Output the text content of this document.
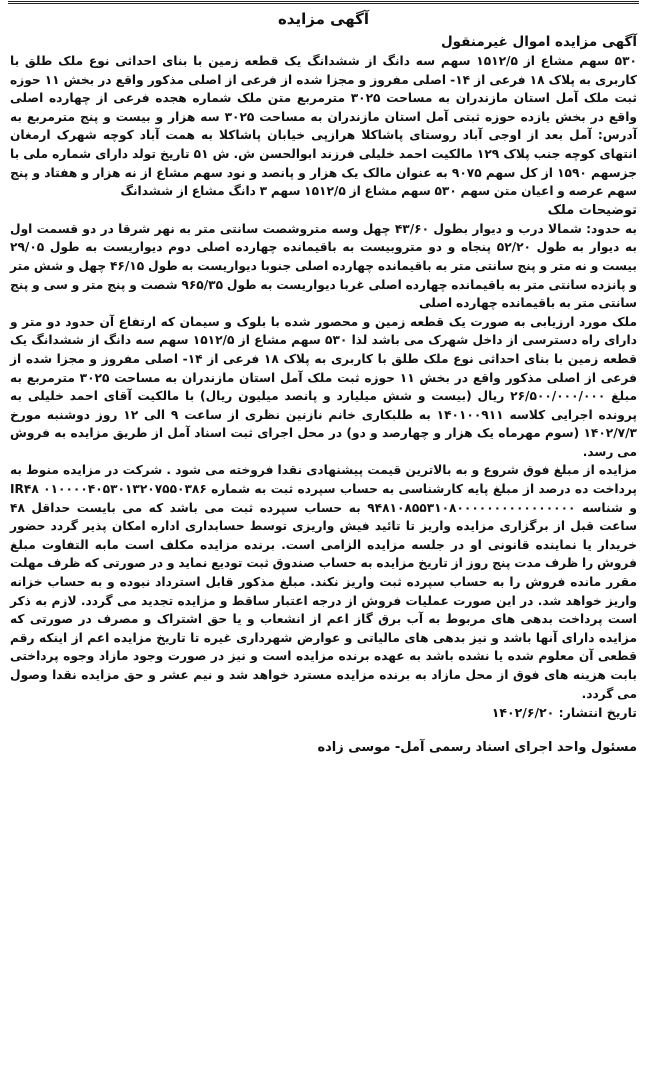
آگهی مزایده
آگهی مزایده اموال غیرمنقول

۵۳۰ سهم مشاع از ۱۵۱۲/۵ سهم سه دانگ از ششدانگ یک قطعه زمین با بنای احداثی نوع ملک طلق با کاربری به پلاک ۱۸ فرعی از ۱۴- اصلی مفروز و مجزا شده از فرعی از اصلی مذکور واقع در بخش ۱۱ حوزه ثبت ملک آمل استان مازندران به مساحت ۳۰۲۵ مترمربع متن ملک شماره هجده فرعی از چهارده اصلی واقع در بخش یازده حوزه ثبتی آمل استان مازندران به مساحت ۳۰۲۵ سه هزار و بیست و پنج مترمربع به آدرس: آمل بعد از اوجی آباد روستای پاشاکلا هرازپی خیابان پاشاکلا به همت آباد کوچه شهرک ارمغان انتهای کوچه جنب پلاک ۱۲۹ مالکیت احمد خلیلی فرزند ابوالحسن ش. ش ۵۱ تاریخ تولد دارای شماره ملی با جزسهم ۱۵۹۰ از کل سهم ۹۰۷۵ به عنوان مالک یک هزار و پانصد و نود سهم مشاع از نه هزار و هفتاد و پنج سهم عرصه و اعیان متن سهم ۵۳۰ سهم مشاع از ۱۵۱۲/۵ سهم ۳ دانگ مشاع از ششدانگ

توضیحات ملک

به حدود: شمالا درب و دیوار بطول ۴۳/۶۰ چهل وسه متروشصت سانتی متر به نهر شرقا در دو قسمت اول به دیوار به طول ۵۲/۲۰ پنجاه و دو متروبیست به باقیمانده چهارده اصلی دوم دیواریست به طول ۲۹/۰۵ بیست و نه متر و پنج سانتی متر به باقیمانده چهارده اصلی جنوبا دیواریست به طول ۴۶/۱۵ چهل و شش متر و پانزده سانتی متر به باقیمانده چهارده اصلی غربا دیواریست به طول ۹۶۵/۳۵ شصت و پنج متر و سی و پنج سانتی متر به باقیمانده چهارده اصلی

ملک مورد ارزیابی به صورت یک قطعه زمین و محصور شده با بلوک و سیمان که ارتفاع آن حدود دو متر و دارای راه دسترسی از داخل شهرک می باشد لذا ۵۳۰ سهم مشاع از ۱۵۱۲/۵ سهم سه دانگ از ششدانگ یک قطعه زمین با بنای احداثی نوع ملک طلق با کاربری به پلاک ۱۸ فرعی از ۱۴- اصلی مفروز و مجزا شده از فرعی از اصلی مذکور واقع در بخش ۱۱ حوزه ثبت ملک آمل استان مازندران به مساحت ۳۰۲۵ مترمربع به مبلغ ۲۶/۵۰۰/۰۰۰/۰۰۰ ریال (بیست و شش میلیارد و پانصد میلیون ریال) با مالکیت آقای احمد خلیلی به پرونده اجرایی کلاسه ۱۴۰۱۰۰۹۱۱ به طلبکاری خانم نازنین نظری از ساعت ۹ الی ۱۲ روز دوشنبه مورخ ۱۴۰۲/۷/۳ (سوم مهرماه یک هزار و چهارصد و دو) در محل اجرای ثبت اسناد آمل از طریق مزایده به فروش می رسد.

مزایده از مبلغ فوق شروع و به بالاترین قیمت پیشنهادی نقدا فروخته می شود . شرکت در مزایده منوط به پرداخت ده درصد از مبلغ پایه کارشناسی به حساب سپرده ثبت به شماره ۰۱۰۰۰۰۴۰۵۳۰۱۳۲۰۷۵۵۰۳۸۶ IR۴۸ و شناسه ۹۴۸۱۰۸۵۵۳۱۰۸۰۰۰۰۰۰۰۰۰۰۰۰۰۰۰۰ به حساب سپرده ثبت می باشد که می بایست حداقل ۴۸ ساعت قبل از برگزاری مزایده واریز تا تائید فیش واریزی توسط حسابداری اداره امکان پذیر گردد حضور خریدار یا نماینده قانونی او در جلسه مزایده الزامی است. برنده مزایده مکلف است مابه التفاوت مبلغ فروش را ظرف مدت پنج روز از تاریخ مزایده به حساب صندوق ثبت تودیع نماید و در صورتی که ظرف مهلت مقرر مانده فروش را به حساب سپرده ثبت واریز نکند. مبلغ مذکور قابل استرداد نبوده و به حساب خزانه واریز خواهد شد. در این صورت عملیات فروش از درجه اعتبار ساقط و مزایده تجدید می گردد. لازم به ذکر است پرداخت بدهی های مربوط به آب برق گاز اعم از انشعاب و یا حق اشتراک و مصرف در صورتی که مزایده دارای آنها باشد و نیز بدهی های مالیاتی و عوارض شهرداری غیره تا تاریخ مزایده اعم از اینکه رقم قطعی آن معلوم شده یا نشده باشد به عهده برنده مزایده است و نیز در صورت وجود مازاد وجوه پرداختی بابت هزینه های فوق از محل مازاد به برنده مزایده مسترد خواهد شد و نیم عشر و حق مزایده نقدا وصول می گردد.

تاریخ انتشار: ۱۴۰۲/۶/۲۰

مسئول واحد اجرای اسناد رسمی آمل- موسی زاده
